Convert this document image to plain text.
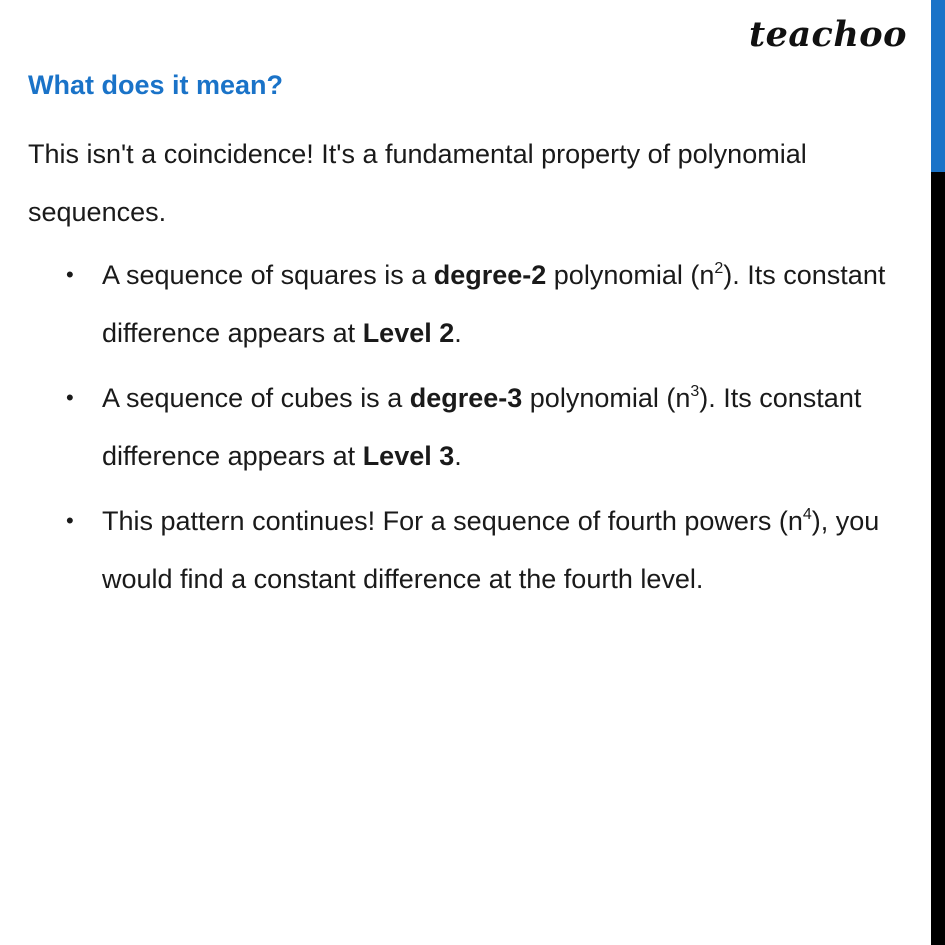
teachoo
What does it mean?

This isn't a coincidence! It's a fundamental property of polynomial sequences.

• A sequence of squares is a degree-2 polynomial $(n^2)$. Its constant difference appears at Level 2.
• A sequence of cubes is a degree-3 polynomial $(n^3)$. Its constant difference appears at Level 3.
• This pattern continues! For a sequence of fourth powers $(n^4)$, you would find a constant difference at the fourth level.
